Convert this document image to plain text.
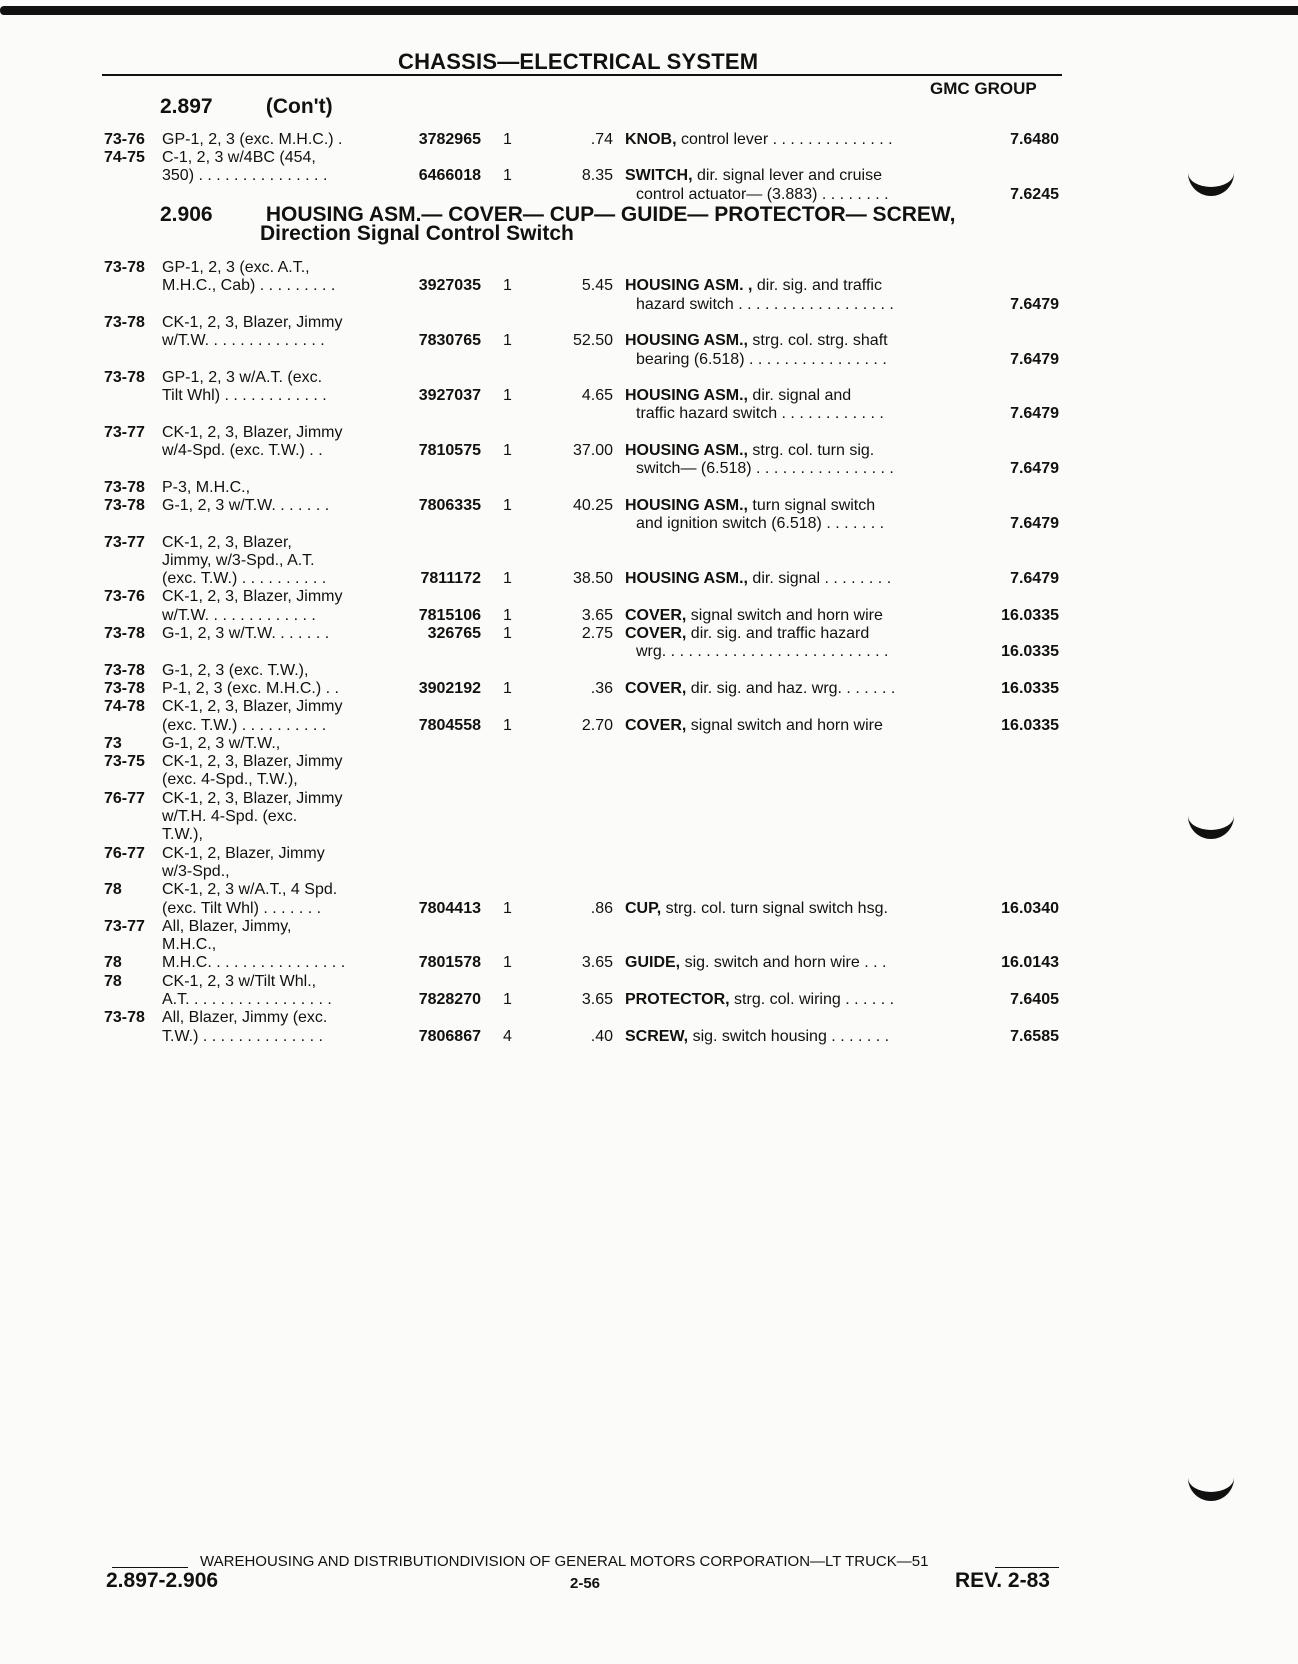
CHASSIS—ELECTRICAL SYSTEM
GMC GROUP
2.897	(Con't)
73-76 GP-1, 2, 3 (exc. M.H.C.) .	3782965 1	.74 KNOB, control lever . . . . . . . . . . . . . .	7.6480
74-75 C-1, 2, 3 w/4BC (454,
350) . . . . . . . . . . . . . . .	6466018 1	8.35 SWITCH, dir. signal lever and cruise
control actuator— (3.883) . . . . . . . .	7.6245
2.906	HOUSING ASM.— COVER— CUP— GUIDE— PROTECTOR— SCREW,
Direction Signal Control Switch
73-78 GP-1, 2, 3 (exc. A.T.,
M.H.C., Cab) . . . . . . . . .	3927035 1	5.45 HOUSING ASM. , dir. sig. and traffic
hazard switch . . . . . . . . . . . . . . . . . .	7.6479
73-78 CK-1, 2, 3, Blazer, Jimmy
w/T.W. . . . . . . . . . . . . .	7830765 1	52.50 HOUSING ASM., strg. col. strg. shaft
bearing (6.518) . . . . . . . . . . . . . . . .	7.6479
73-78 GP-1, 2, 3 w/A.T. (exc.
Tilt Whl) . . . . . . . . . . . .	3927037 1	4.65 HOUSING ASM., dir. signal and
traffic hazard switch . . . . . . . . . . . .	7.6479
73-77 CK-1, 2, 3, Blazer, Jimmy
w/4-Spd. (exc. T.W.) . .	7810575 1	37.00 HOUSING ASM., strg. col. turn sig.
switch— (6.518) . . . . . . . . . . . . . . . .	7.6479
73-78 P-3, M.H.C.,
73-78 G-1, 2, 3 w/T.W. . . . . . .	7806335 1	40.25 HOUSING ASM., turn signal switch
and ignition switch (6.518) . . . . . . .	7.6479
73-77 CK-1, 2, 3, Blazer,
Jimmy, w/3-Spd., A.T.
(exc. T.W.) . . . . . . . . . .	7811172 1	38.50 HOUSING ASM., dir. signal . . . . . . . .	7.6479
73-76 CK-1, 2, 3, Blazer, Jimmy
w/T.W. . . . . . . . . . . . .	7815106 1	3.65 COVER, signal switch and horn wire	16.0335
73-78 G-1, 2, 3 w/T.W. . . . . . .	326765 1	2.75 COVER, dir. sig. and traffic hazard
wrg. . . . . . . . . . . . . . . . . . . . . . . . . .	16.0335
73-78 G-1, 2, 3 (exc. T.W.),
73-78 P-1, 2, 3 (exc. M.H.C.) . .	3902192 1	.36 COVER, dir. sig. and haz. wrg. . . . . . .	16.0335
74-78 CK-1, 2, 3, Blazer, Jimmy
(exc. T.W.) . . . . . . . . . .	7804558 1	2.70 COVER, signal switch and horn wire	16.0335
73	G-1, 2, 3 w/T.W.,
73-75 CK-1, 2, 3, Blazer, Jimmy
(exc. 4-Spd., T.W.),
76-77 CK-1, 2, 3, Blazer, Jimmy
w/T.H. 4-Spd. (exc.
T.W.),
76-77 CK-1, 2, Blazer, Jimmy
w/3-Spd.,
78	CK-1, 2, 3 w/A.T., 4 Spd.
(exc. Tilt Whl) . . . . . . .	7804413 1	.86 CUP, strg. col. turn signal switch hsg.	16.0340
73-77 All, Blazer, Jimmy,
M.H.C.,
78	M.H.C. . . . . . . . . . . . . . . .	7801578 1	3.65 GUIDE, sig. switch and horn wire . . .	16.0143
78	CK-1, 2, 3 w/Tilt Whl.,
A.T. . . . . . . . . . . . . . . . .	7828270 1	3.65 PROTECTOR, strg. col. wiring . . . . . .	7.6405
73-78 All, Blazer, Jimmy (exc.
T.W.) . . . . . . . . . . . . . .	7806867 4	.40 SCREW, sig. switch housing . . . . . . .	7.6585
WAREHOUSING AND DISTRIBUTIONDIVISION OF GENERAL MOTORS CORPORATION—LT TRUCK—51
2.897-2.906	2-56	REV. 2-83
